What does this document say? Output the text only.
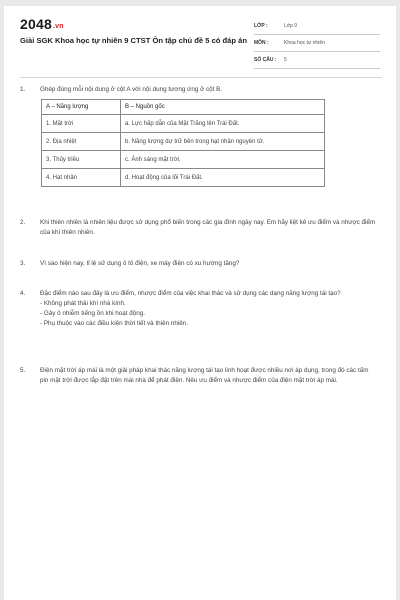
2048.vn
Giải SGK Khoa học tự nhiên 9 CTST Ôn tập chủ đề 5 có đáp án
LỚP :	Lớp 9
MÔN :	Khoa học tự nhiên
SỐ CÂU :	5
1. Ghép đúng mỗi nội dung ở cột A với nội dung tương ứng ở cột B.
A – Năng lượng	B – Nguồn gốc
1. Mặt trời	a. Lực hấp dẫn của Mặt Trăng lên Trái Đất.
2. Địa nhiệt	b. Năng lượng dự trữ bên trong hạt nhân nguyên tử.
3. Thủy triều	c. Ánh sáng mặt trời.
4. Hạt nhân	d. Hoạt động của lõi Trái Đất.
2. Khi thiên nhiên là nhiên liệu được sử dụng phổ biến trong các gia đình ngày nay. Em hãy liệt kê ưu điểm và nhược điểm của khí thiên nhiên.
3. Vì sao hiện nay, tỉ lệ sử dụng ô tô điện, xe máy điện có xu hướng tăng?
4. Đặc điểm nào sau đây là ưu điểm, nhược điểm của việc khai thác và sử dụng các dạng năng lượng tái tạo?
- Không phát thải khí nhà kính.
- Gây ô nhiễm tiếng ồn khi hoạt động.
- Phụ thuộc vào các điều kiện thời tiết và thiên nhiên.
5. Điện mặt trời áp mái là một giải pháp khai thác năng lượng tái tạo linh hoạt được nhiều nơi áp dụng, trong đó các tấm pin mặt trời được lắp đặt trên mái nhà để phát điện. Nêu ưu điểm và nhược điểm của điện mặt trời áp mái.
